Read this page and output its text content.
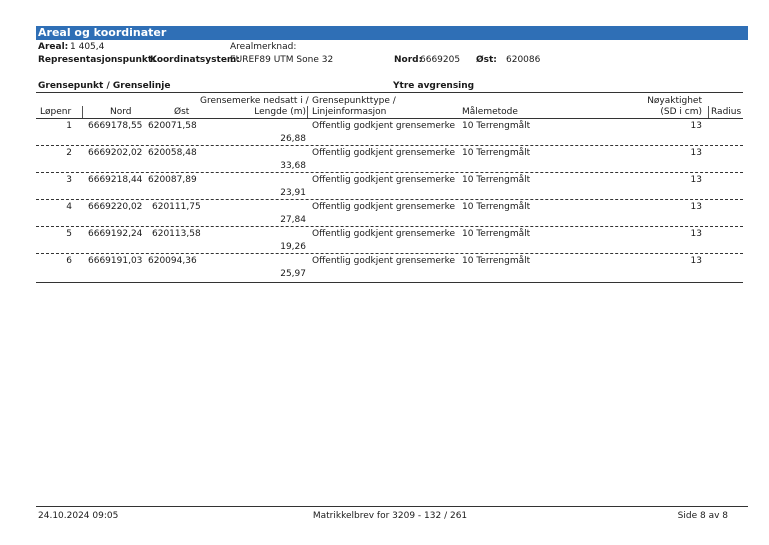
Areal og koordinater
Areal: 1 405,4	Arealmerknad:
Representasjonspunkt:
Koordinatsystem:
EUREF89 UTM Sone 32	Nord:
6669205 Øst: 620086
Grensepunkt / Grenselinje	Ytre avgrensing
Løpenr	Nord	Øst
Grensemerke nedsatt i /
Lengde (m)
Grensepunkttype /
Linjeinformasjon	Målemetode
Nøyaktighet
(SD i cm) Radius
1 6669178,55 620071,58	Offentlig godkjent grensemerke 10 Terrengmålt	13
26,88
2 6669202,02 620058,48	Offentlig godkjent grensemerke 10 Terrengmålt	13
33,68
3 6669218,44 620087,89	Offentlig godkjent grensemerke 10 Terrengmålt	13
23,91
4 6669220,02 620111,75	Offentlig godkjent grensemerke 10 Terrengmålt	13
27,84
5 6669192,24 620113,58	Offentlig godkjent grensemerke 10 Terrengmålt	13
19,26
6 6669191,03 620094,36	Offentlig godkjent grensemerke 10 Terrengmålt	13
25,97
24.10.2024 09:05	Matrikkelbrev for 3209 - 132 / 261	Side 8 av 8
